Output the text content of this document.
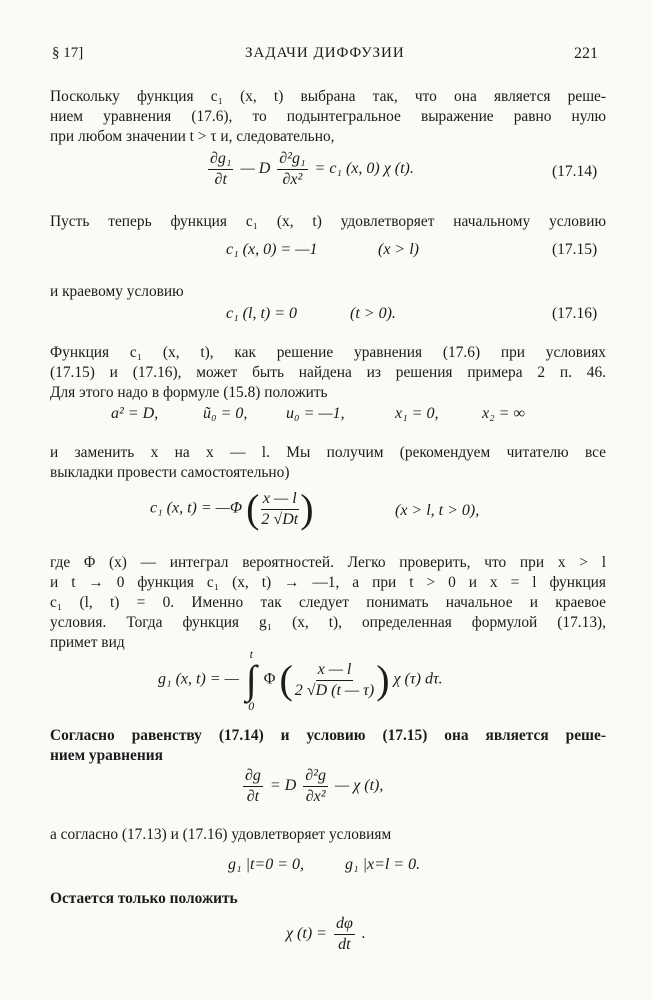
§ 17]	ЗАДАЧИ ДИФФУЗИИ	221
Поскольку функция c₁ (x, t) выбрана так, что она является реше-
нием уравнения (17.6), то подынтегральное выражение равно нулю
при любом значении t > τ и, следовательно,
$\frac{\text{∂g₁}}{\partial t}$ — D $\frac{\text{∂²g₁}}{\text{∂x²}} = c_1$ (x, 0) χ (t).	(17.14)
Пусть теперь функция c₁ (x, t) удовлетворяет начальному условию
c₁ (x, 0) = —1	(x > l)	(17.15)
и краевому условию
c₁ (l, t) = 0	(t > 0).	(17.16)
Функция c₁ (x, t), как решение уравнения (17.6) при условиях
(17.15) и (17.16), может быть найдена из решения примера 2 п. 46.
Для этого надо в формуле (15.8) положить
a² = D,	ũ₀ = 0, u₀ = —1,	x₁ = 0,	x₂ = ∞
и заменить x на x — l. Мы получим (рекомендуем читателю все
выкладки провести самостоятельно)
c₁ (x, t) = —Φ ( $\frac{x — l}{2 √Dt}$ )	(x > l, t > 0),
где Φ (x) — интеграл вероятностей. Легко проверить, что при x > l
и t → 0 функция c₁ (x, t) → —1, а при t > 0 и x = l функция
c₁ (l, t) = 0. Именно так следует понимать начальное и краевое
условия. Тогда функция g₁ (x, t), определенная формулой (17.13),
примет вид
g₁ (x, t) = —
t
∫
0
Φ ( $\frac{x — l}{2 √D (t — \tau)}$ ) χ (τ) dτ.
Согласно равенству (17.14) и условию (17.15) она является реше-
нием уравнения
$\frac{\partial g}{\partial t} = D \frac{\text{∂²g}}{\text{∂x²}}$ — χ (t),
а согласно (17.13) и (17.16) удовлетворяет условиям
g₁ |t=0 = 0,	g₁ |x=l = 0.
Остается только положить
χ $(t) = \frac{d\varphi}{dt}$ .
